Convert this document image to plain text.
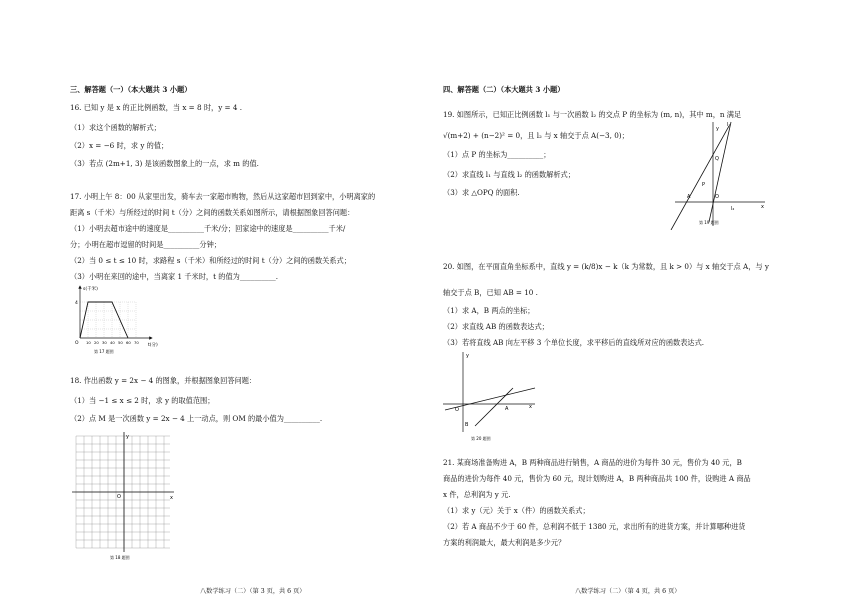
三、解答题（一）（本大题共 3 小题）
16. 已知 y 是 x 的正比例函数，当 x = 8 时，y = 4 .
（1）求这个函数的解析式；
（2）x = −6 时，求 y 的值；
（3）若点 (2m+1, 3) 是该函数图象上的一点，求 m 的值.
17. 小明上午 8：00 从家里出发，骑车去一家超市购物，然后从这家超市回到家中，小明离家的
距离 s（千米）与所经过的时间 t（分）之间的函数关系如图所示，请根据图象回答问题：
（1）小明去超市途中的速度是__________千米/分；回家途中的速度是__________千米/
分；小明在超市逗留的时间是__________分钟；
（2）当 0 ≤ t ≤ 10 时，求路程 s（千米）和所经过的时间 t（分）之间的函数关系式；
（3）小明在来回的途中，当离家 1 千米时，t 的值为__________.
s(千米)
4
O 10 20 30 40 50 60 70
t(分)
第 17 题图
18. 作出函数 y = 2x − 4 的图象，并根据图象回答问题：
（1）当 −1 ≤ x ≤ 2 时，求 y 的取值范围；
（2）点 M 是一次函数 y = 2x − 4 上一动点，则 OM 的最小值为__________.
y
x
O
第 18 题图
八数学练习（二）（第 3 页，共 6 页）
四、解答题（二）（本大题共 3 小题）
19. 如图所示，已知正比例函数 l₁ 与一次函数 l₂ 的交点 P 的坐标为 (m, n)，其中 m，n 满足
√(m+2) + (n−2)² = 0，且 l₂ 与 x 轴交于点 A(−3, 0)；
（1）点 P 的坐标为__________；
（2）求直线 l₁ 与直线 l₂ 的函数解析式；
（3）求 △OPQ 的面积.
l₁
l₂
y
x
Q
P
A	O
第 19 题图
20. 如图，在平面直角坐标系中，直线 y = (k/8)x − k（k 为常数，且 k > 0）与 x 轴交于点 A，与 y
轴交于点 B，已知 AB = 10 .
（1）求 A，B 两点的坐标；
（2）求直线 AB 的函数表达式；
（3）若将直线 AB 向左平移 3 个单位长度，求平移后的直线所对应的函数表达式.
y
x
O	A
B
第 20 题图
21. 某商场准备购进 A，B 两种商品进行销售，A 商品的进价为每件 30 元，售价为 40 元，B
商品的进价为每件 40 元，售价为 60 元，现计划购进 A，B 两种商品共 100 件，设购进 A 商品
x 件，总利润为 y 元.
（1）求 y（元）关于 x（件）的函数关系式；
（2）若 A 商品不少于 60 件，总利润不低于 1380 元，求出所有的进货方案，并计算哪种进货
方案的利润最大，最大利润是多少元？
八数学练习（二）（第 4 页，共 6 页）
